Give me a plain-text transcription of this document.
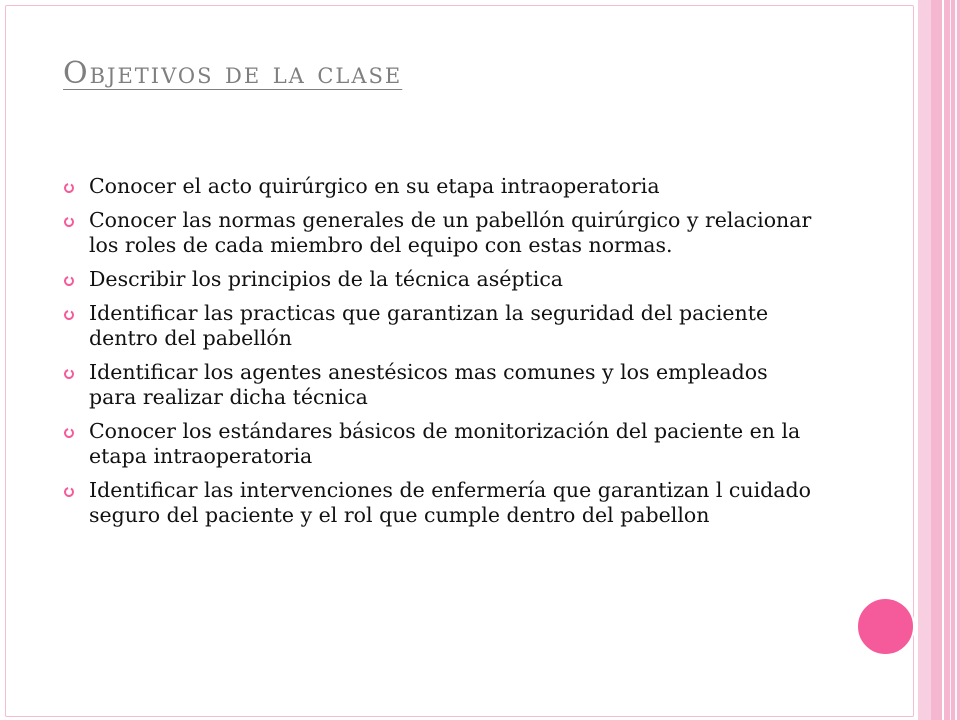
Objetivos de la clase
Conocer el acto quirúrgico en su etapa intraoperatoria
Conocer las normas generales de un pabellón quirúrgico y relacionar los roles de cada miembro del equipo con estas normas.
Describir los principios de la técnica aséptica
Identificar las practicas que garantizan la seguridad del paciente dentro del pabellón
Identificar los agentes anestésicos mas comunes y los empleados para realizar dicha técnica
Conocer los estándares básicos de monitorización del paciente en la etapa intraoperatoria
Identificar las intervenciones de enfermería que garantizan l cuidado seguro del paciente y el rol que cumple dentro del pabellon
